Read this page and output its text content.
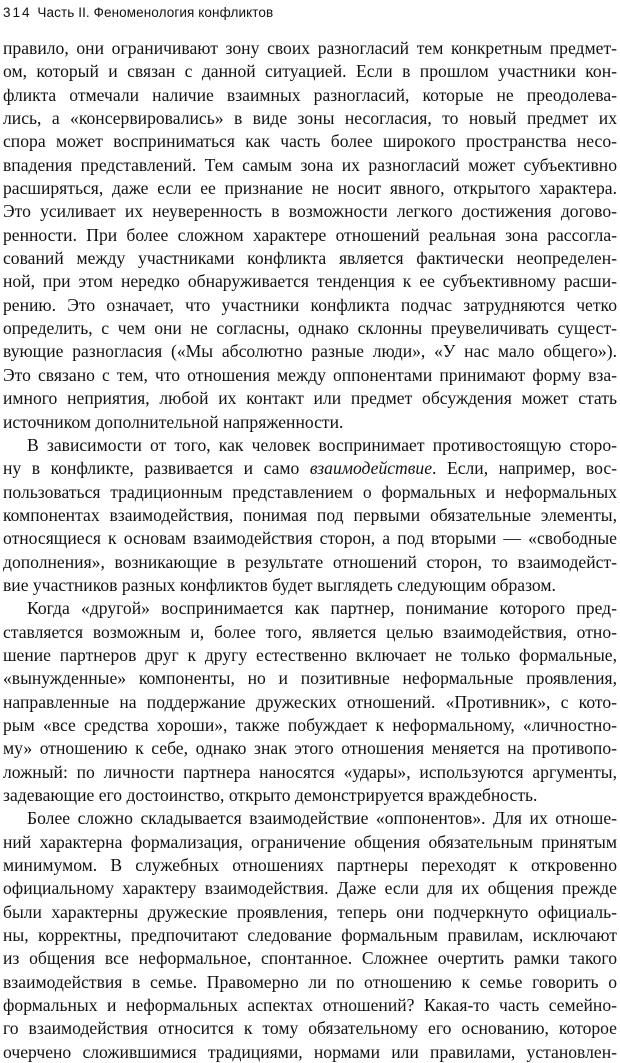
314 Часть II. Феноменология конфликтов
правило, они ограничивают зону своих разногласий тем конкретным предмет-
ом, который и связан с данной ситуацией. Если в прошлом участники кон-
фликта отмечали наличие взаимных разногласий, которые не преодолева-
лись, а «консервировались» в виде зоны несогласия, то новый предмет их
спора может восприниматься как часть более широкого пространства несо-
впадения представлений. Тем самым зона их разногласий может субъективно
расширяться, даже если ее признание не носит явного, открытого характера.
Это усиливает их неуверенность в возможности легкого достижения догово-
ренности. При более сложном характере отношений реальная зона рассогла-
сований между участниками конфликта является фактически неопределен-
ной, при этом нередко обнаруживается тенденция к ее субъективному расши-
рению. Это означает, что участники конфликта подчас затрудняются четко
определить, с чем они не согласны, однако склонны преувеличивать сущест-
вующие разногласия («Мы абсолютно разные люди», «У нас мало общего»).
Это связано с тем, что отношения между оппонентами принимают форму вза-
имного неприятия, любой их контакт или предмет обсуждения может стать
источником дополнительной напряженности.
В зависимости от того, как человек воспринимает противостоящую сторо-
ну в конфликте, развивается и само взаимодействие. Если, например, вос-
пользоваться традиционным представлением о формальных и неформальных
компонентах взаимодействия, понимая под первыми обязательные элементы,
относящиеся к основам взаимодействия сторон, а под вторыми — «свободные
дополнения», возникающие в результате отношений сторон, то взаимодейст-
вие участников разных конфликтов будет выглядеть следующим образом.
Когда «другой» воспринимается как партнер, понимание которого пред-
ставляется возможным и, более того, является целью взаимодействия, отно-
шение партнеров друг к другу естественно включает не только формальные,
«вынужденные» компоненты, но и позитивные неформальные проявления,
направленные на поддержание дружеских отношений. «Противник», с кото-
рым «все средства хороши», также побуждает к неформальному, «личностно-
му» отношению к себе, однако знак этого отношения меняется на противопо-
ложный: по личности партнера наносятся «удары», используются аргументы,
задевающие его достоинство, открыто демонстрируется враждебность.
Более сложно складывается взаимодействие «оппонентов». Для их отноше-
ний характерна формализация, ограничение общения обязательным принятым
минимумом. В служебных отношениях партнеры переходят к откровенно
официальному характеру взаимодействия. Даже если для их общения прежде
были характерны дружеские проявления, теперь они подчеркнуто официаль-
ны, корректны, предпочитают следование формальным правилам, исключают
из общения все неформальное, спонтанное. Сложнее очертить рамки такого
взаимодействия в семье. Правомерно ли по отношению к семье говорить о
формальных и неформальных аспектах отношений? Какая-то часть семейно-
го взаимодействия относится к тому обязательному его основанию, которое
очерчено сложившимися традициями, нормами или правилами, установлен-
